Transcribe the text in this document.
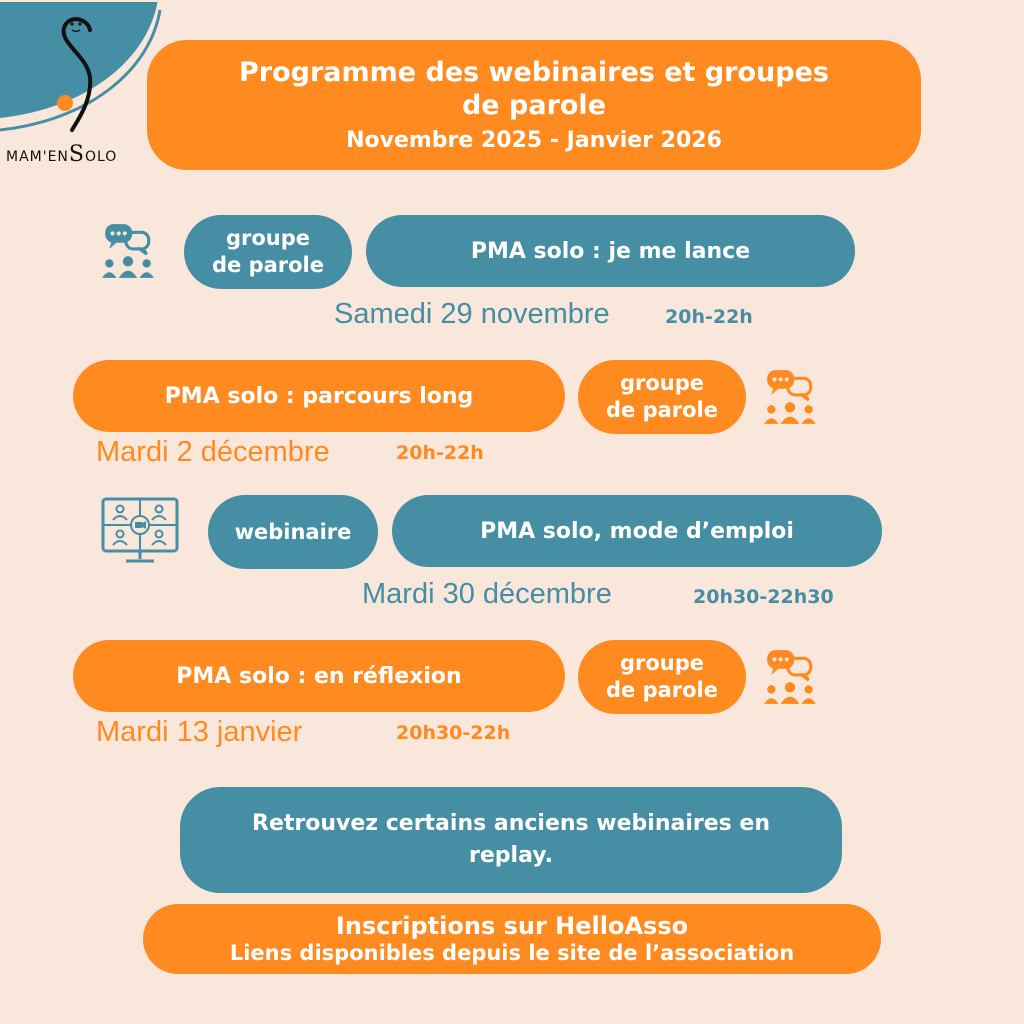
MAM'ENSOLO
Programme des webinaires et groupes
de parole
Novembre 2025 - Janvier 2026
groupe
de parole
PMA solo : je me lance
Samedi 29 novembre	20h-22h
PMA solo : parcours long
groupe
de parole
Mardi 2 décembre	20h-22h
webinaire	PMA solo, mode d’emploi
Mardi 30 décembre	20h30-22h30
PMA solo : en réflexion
groupe
de parole
Mardi 13 janvier	20h30-22h
Retrouvez certains anciens webinaires en
replay.
Inscriptions sur HelloAsso
Liens disponibles depuis le site de l’association
